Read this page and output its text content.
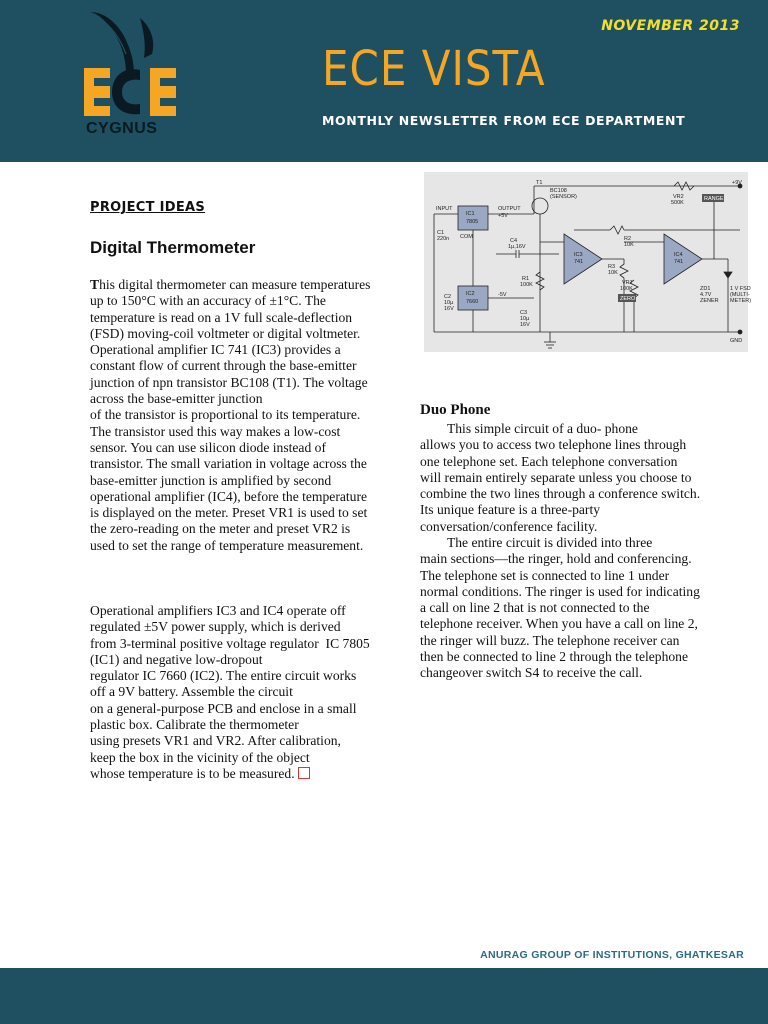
CYGNUS
NOVEMBER 2013
ECE VISTA
MONTHLY NEWSLETTER FROM ECE DEPARTMENT
PROJECT IDEAS
Digital Thermometer

This digital thermometer can measure temperatures
up to 150°C with an accuracy of ±1°C. The
temperature is read on a 1V full scale-deflection
(FSD) moving-coil voltmeter or digital voltmeter.
Operational amplifier IC 741 (IC3) provides a
constant flow of current through the base-emitter
junction of npn transistor BC108 (T1). The voltage
across the base-emitter junction
of the transistor is proportional to its temperature.
The transistor used this way makes a low-cost
sensor. You can use silicon diode instead of
transistor. The small variation in voltage across the
base-emitter junction is amplified by second
operational amplifier (IC4), before the temperature
is displayed on the meter. Preset VR1 is used to set
the zero-reading on the meter and preset VR2 is
used to set the range of temperature measurement.

Operational amplifiers IC3 and IC4 operate off
regulated ±5V power supply, which is derived
from 3-terminal positive voltage regulator  IC 7805
(IC1) and negative low-dropout
regulator IC 7660 (IC2). The entire circuit works
off a 9V battery. Assemble the circuit
on a general-purpose PCB and enclose in a small
plastic box. Calibrate the thermometer
using presets VR1 and VR2. After calibration,
keep the box in the vicinity of the object
whose temperature is to be measured.

T1
BC108
(SENSOR)
IC1
7805
IC2
7660
IC3
741
IC4
741
INPUT	OUTPUT
+5V
-5V
COM
C1
220n	C4
1µ,16V
C2
10µ
16V
C3
10µ
16V
R1
100K
R2
10K
R3
10K
VR1
100K
VR2
500K
ZERO
RANGE
+9V
GND
ZD1
4.7V
ZENER
1 V FSD
(MULTI-
METER)
Duo Phone

This simple circuit of a duo- phone
allows you to access two telephone lines through
one telephone set. Each telephone conversation
will remain entirely separate unless you choose to
combine the two lines through a conference switch.
Its unique feature is a three-party
conversation/conference facility.

The entire circuit is divided into three
main sections—the ringer, hold and conferencing.
The telephone set is connected to line 1 under
normal conditions. The ringer is used for indicating
a call on line 2 that is not connected to the
telephone receiver. When you have a call on line 2,
the ringer will buzz. The telephone receiver can
then be connected to line 2 through the telephone
changeover switch S4 to receive the call.

ANURAG GROUP OF INSTITUTIONS, GHATKESAR
